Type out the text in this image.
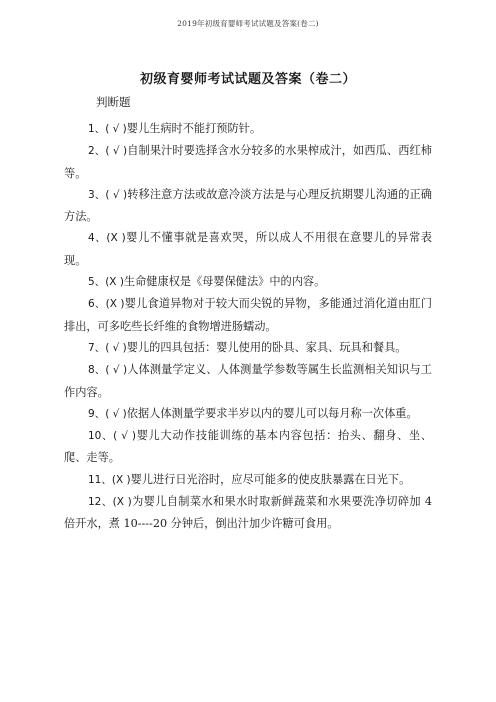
2019年初级育婴师考试试题及答案(卷二)
初级育婴师考试试题及答案（卷二）
判断题

1、( √ )婴儿生病时不能打预防针。

2、( √ )自制果汁时要选择含水分较多的水果榨成汁，如西瓜、西红柿等。

3、( √ )转移注意方法或故意冷淡方法是与心理反抗期婴儿沟通的正确方法。

4、(X )婴儿不懂事就是喜欢哭，所以成人不用很在意婴儿的异常表现。

5、(X )生命健康权是《母婴保健法》中的内容。

6、(X )婴儿食道异物对于较大而尖锐的异物，多能通过消化道由肛门排出，可多吃些长纤维的食物增进肠蠕动。

7、( √ )婴儿的四具包括：婴儿使用的卧具、家具、玩具和餐具。

8、( √ )人体测量学定义、人体测量学参数等属生长监测相关知识与工作内容。

9、( √ )依据人体测量学要求半岁以内的婴儿可以每月称一次体重。

10、( √ )婴儿大动作技能训练的基本内容包括：抬头、翻身、坐、爬、走等。

11、(X )婴儿进行日光浴时，应尽可能多的使皮肤暴露在日光下。

12、(X )为婴儿自制菜水和果水时取新鲜蔬菜和水果要洗净切碎加 4 倍开水，煮 10----20 分钟后，倒出汁加少许糖可食用。
